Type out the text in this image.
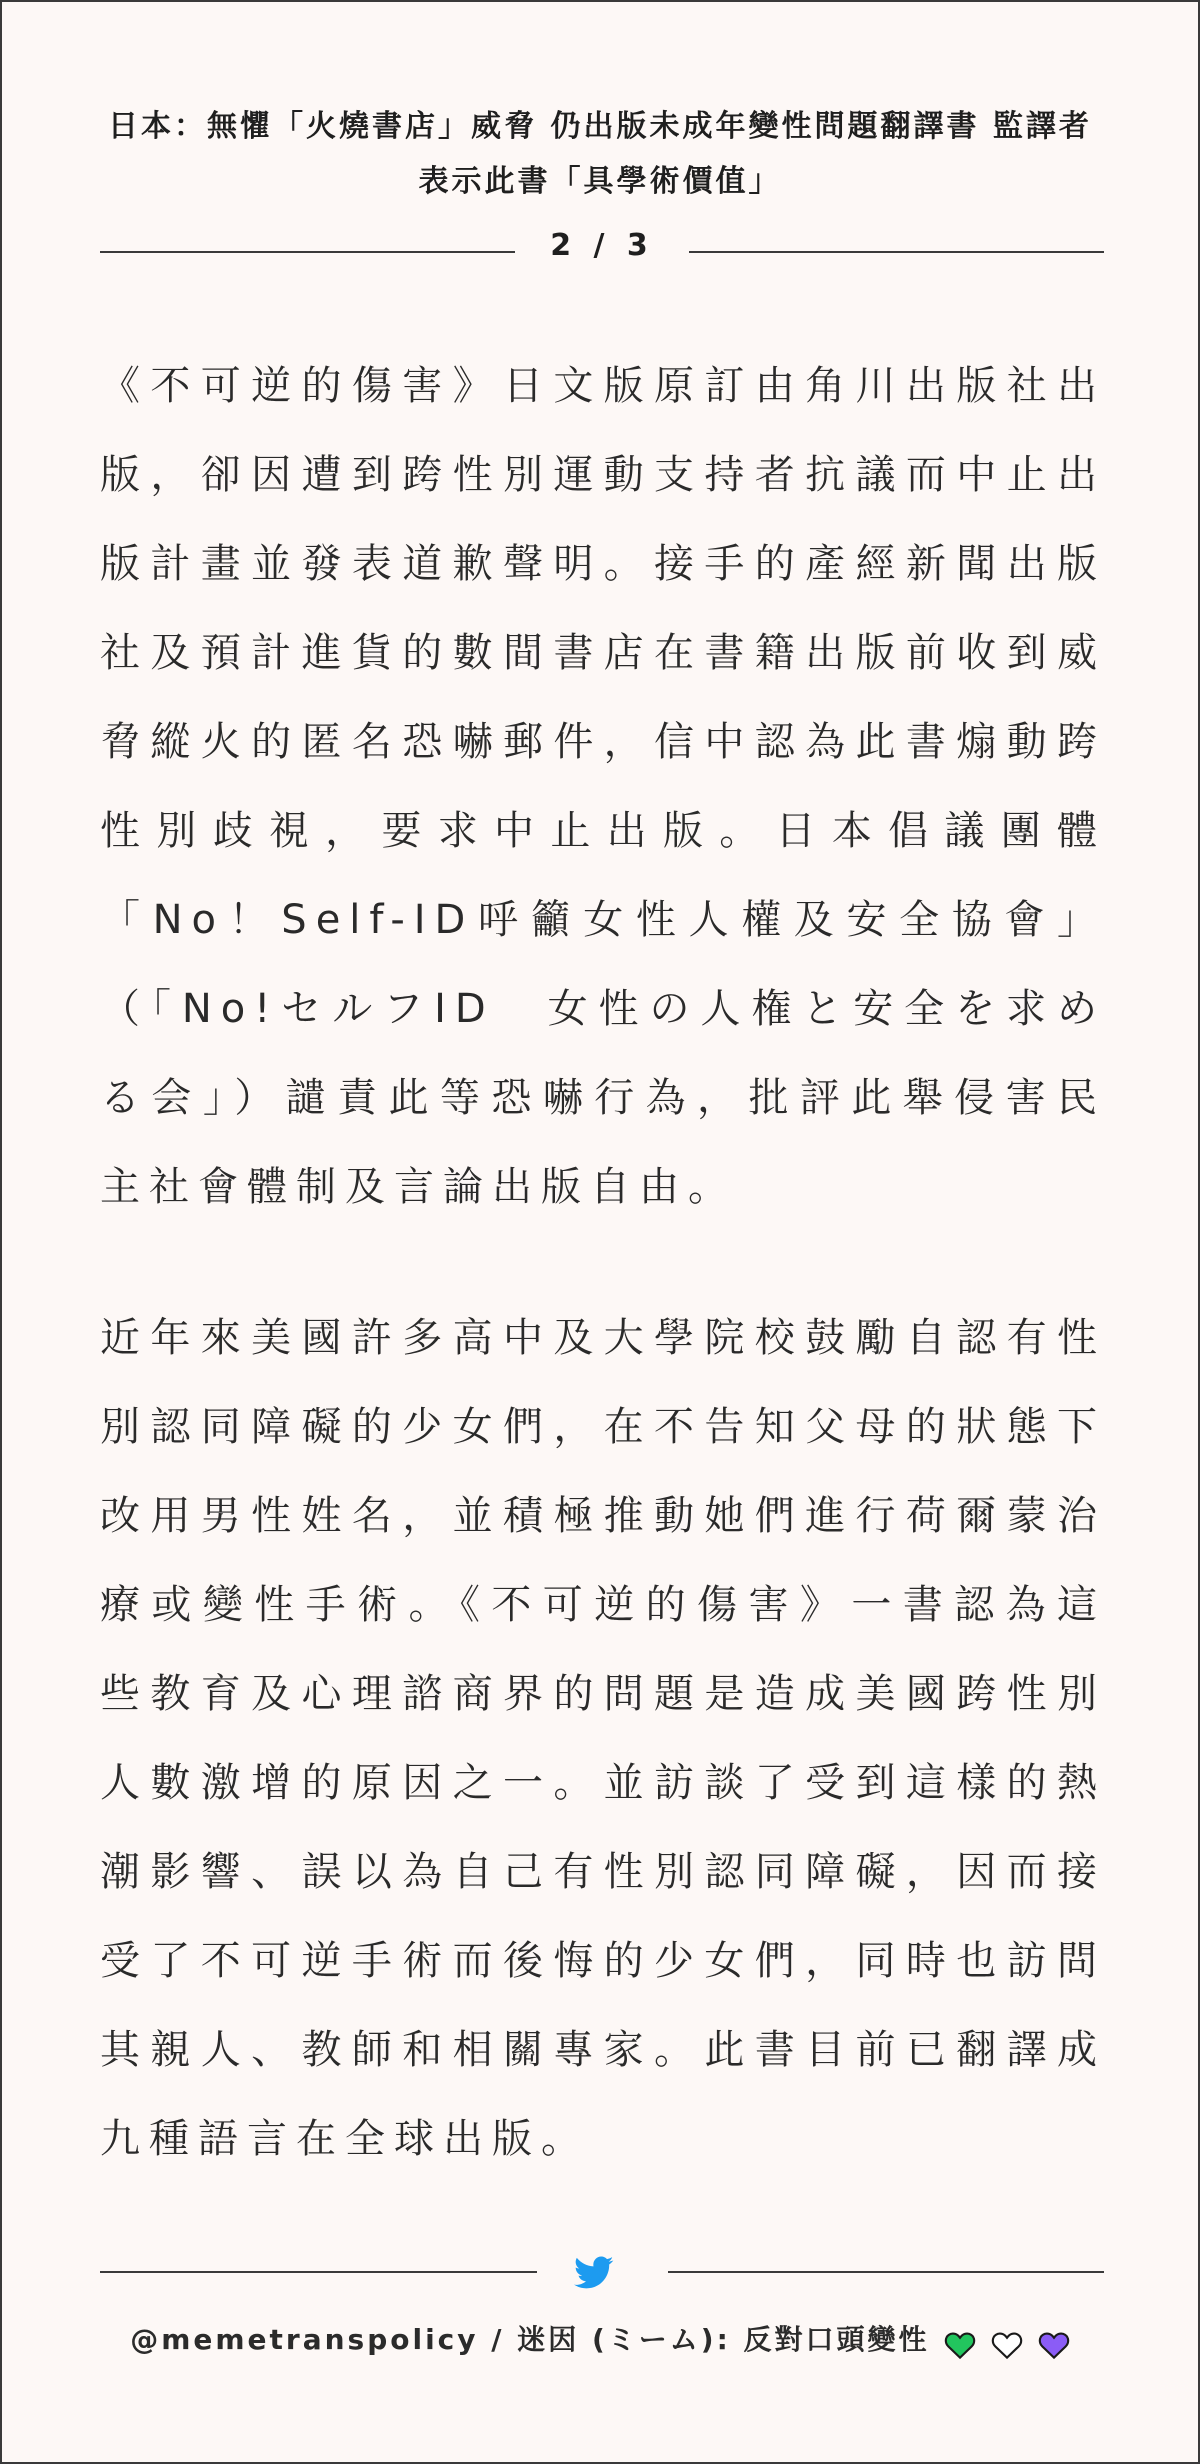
日本：無懼「火燒書店」威脅 仍出版未成年變性問題翻譯書 監譯者表示此書「具學術價值」
2 / 3
《不可逆的傷害》日文版原訂由角川出版社出版，卻因遭到跨性別運動支持者抗議而中止出版計畫並發表道歉聲明。接手的產經新聞出版社及預計進貨的數間書店在書籍出版前收到威脅縱火的匿名恐嚇郵件，信中認為此書煽動跨性別歧視，要求中止出版。日本倡議團體「No！Self-ID呼籲女性人權及安全協會」（「No!セルフID　女性の人権と安全を求める会」）譴責此等恐嚇行為，批評此舉侵害民主社會體制及言論出版自由。
近年來美國許多高中及大學院校鼓勵自認有性別認同障礙的少女們，在不告知父母的狀態下改用男性姓名，並積極推動她們進行荷爾蒙治療或變性手術。《不可逆的傷害》一書認為這些教育及心理諮商界的問題是造成美國跨性別人數激增的原因之一。並訪談了受到這樣的熱潮影響、誤以為自己有性別認同障礙，因而接受了不可逆手術而後悔的少女們，同時也訪問其親人、教師和相關專家。此書目前已翻譯成九種語言在全球出版。
@memetranspolicy / 迷因 (ミーム): 反對口頭變性
